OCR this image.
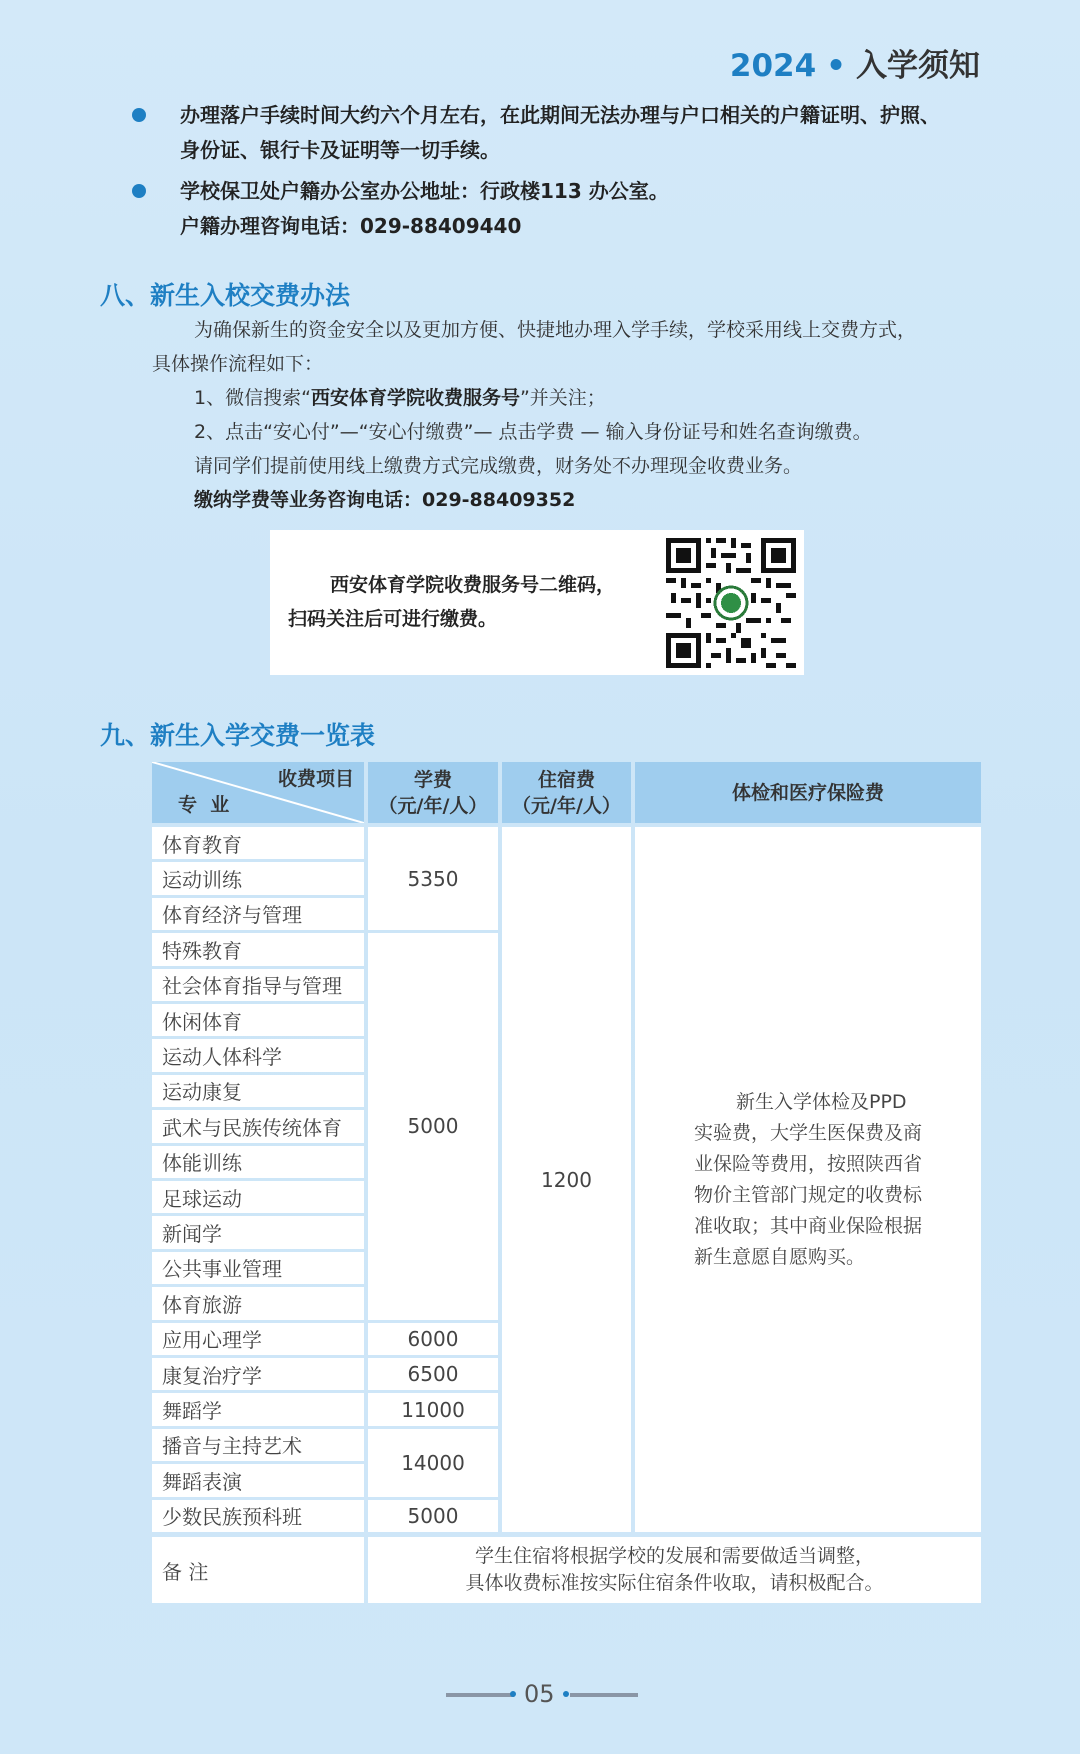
2024 • 入学须知

办理落户手续时间大约六个月左右，在此期间无法办理与户口相关的户籍证明、护照、

身份证、银行卡及证明等一切手续。

学校保卫处户籍办公室办公地址：行政楼113 办公室。

户籍办理咨询电话：029-88409440

八、新生入校交费办法
为确保新生的资金安全以及更加方便、快捷地办理入学手续，学校采用线上交费方式，
具体操作流程如下：
1、微信搜索“西安体育学院收费服务号”并关注；
2、点击“安心付”—“安心付缴费”— 点击学费 — 输入身份证号和姓名查询缴费。
请同学们提前使用线上缴费方式完成缴费，财务处不办理现金收费业务。
缴纳学费等业务咨询电话：029-88409352
西安体育学院收费服务号二维码，
扫码关注后可进行缴费。
九、新生入学交费一览表
收费项目
专  业
学费
（元/年/人）
住宿费
（元/年/人）
体检和医疗保险费
体育教育
运动训练
体育经济与管理
特殊教育
社会体育指导与管理
休闲体育
运动人体科学
运动康复
武术与民族传统体育
体能训练
足球运动
新闻学
公共事业管理
体育旅游
应用心理学
康复治疗学
舞蹈学
播音与主持艺术
舞蹈表演
少数民族预科班
5350
5000
6000
6500
11000
14000
5000
1200
新生入学体检及PPD
实验费，大学生医保费及商
业保险等费用，按照陕西省
物价主管部门规定的收费标
准收取；其中商业保险根据
新生意愿自愿购买。
备 注
学生住宿将根据学校的发展和需要做适当调整，
具体收费标准按实际住宿条件收取，请积极配合。
05
